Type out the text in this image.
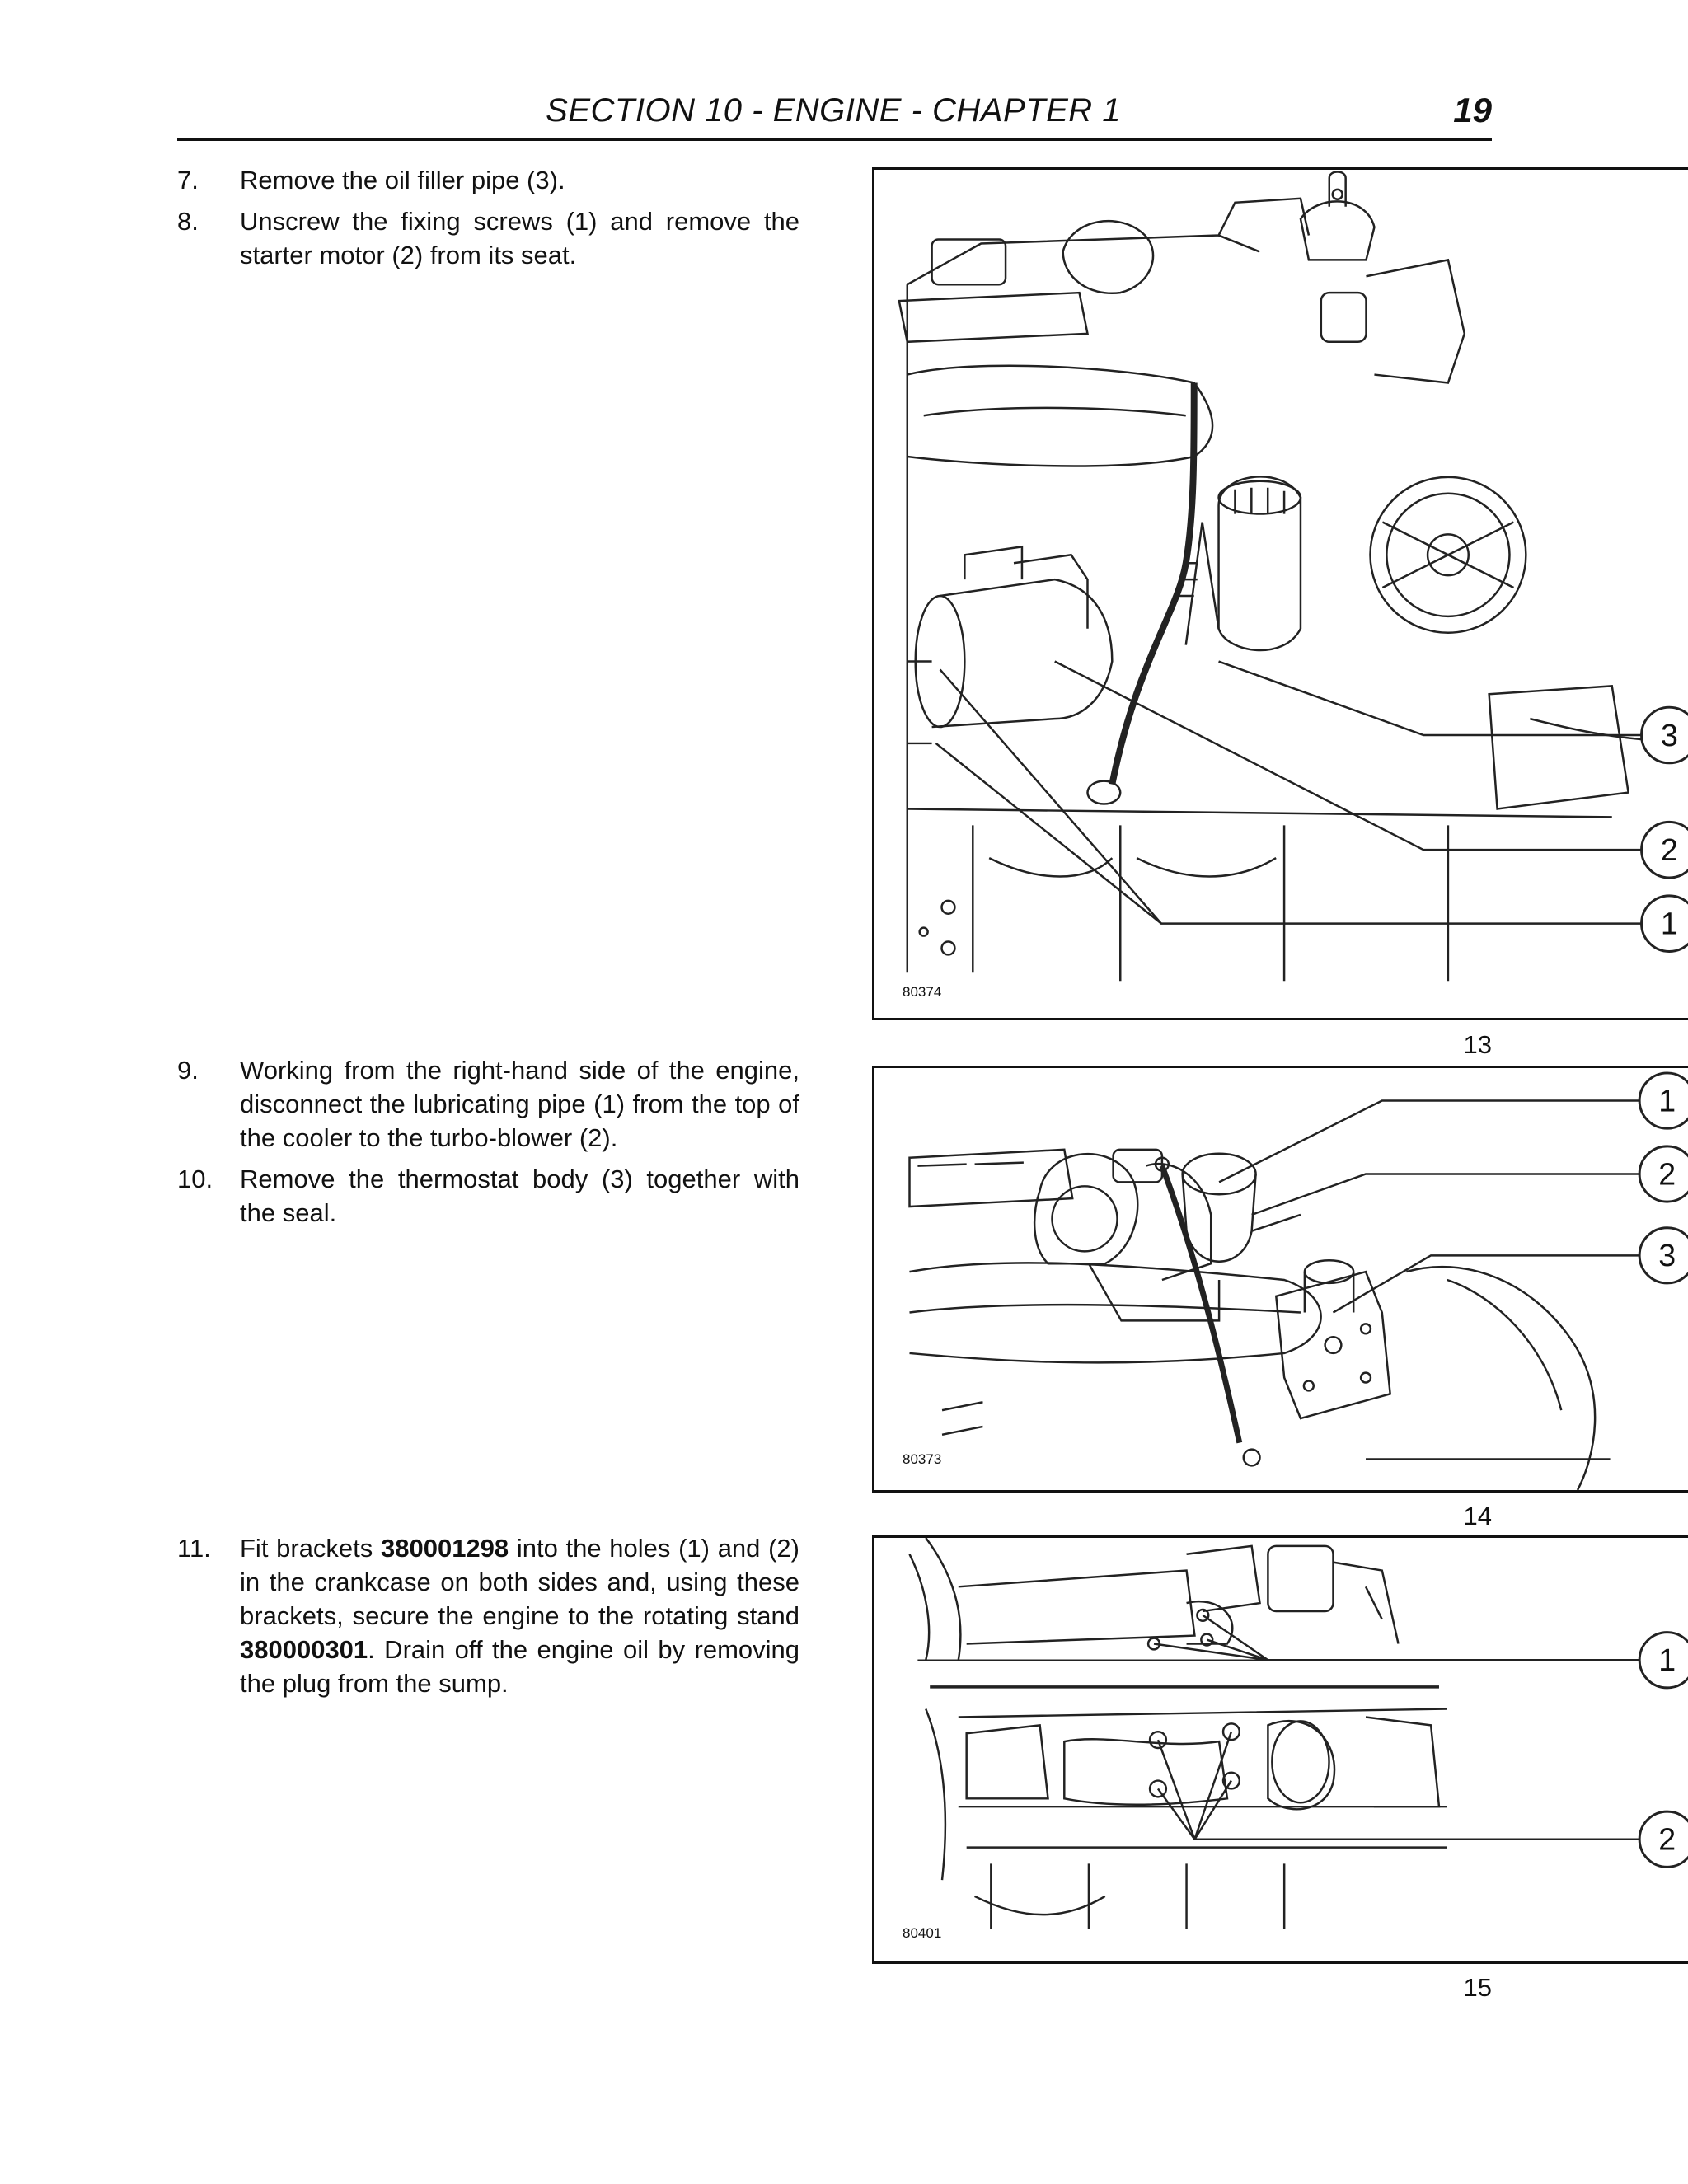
SECTION 10 - ENGINE - CHAPTER 1	19
7.	Remove the oil filler pipe (3).
8.	Unscrew the fixing screws (1) and remove the starter motor (2) from its seat.
9.	Working from the right-hand side of the engine, disconnect the lubricating pipe (1) from the top of the cooler to the turbo-blower (2).
10.	Remove the thermostat body (3) together with the seal.
11.	Fit brackets 380001298 into the holes (1) and (2) in the crankcase on both sides and, using these brackets, secure the engine to the rotating stand 380000301. Drain off the engine oil by removing the plug from the sump.
3
2
1
80374
13
1
2
3
80373
14
1
2
80401
15
